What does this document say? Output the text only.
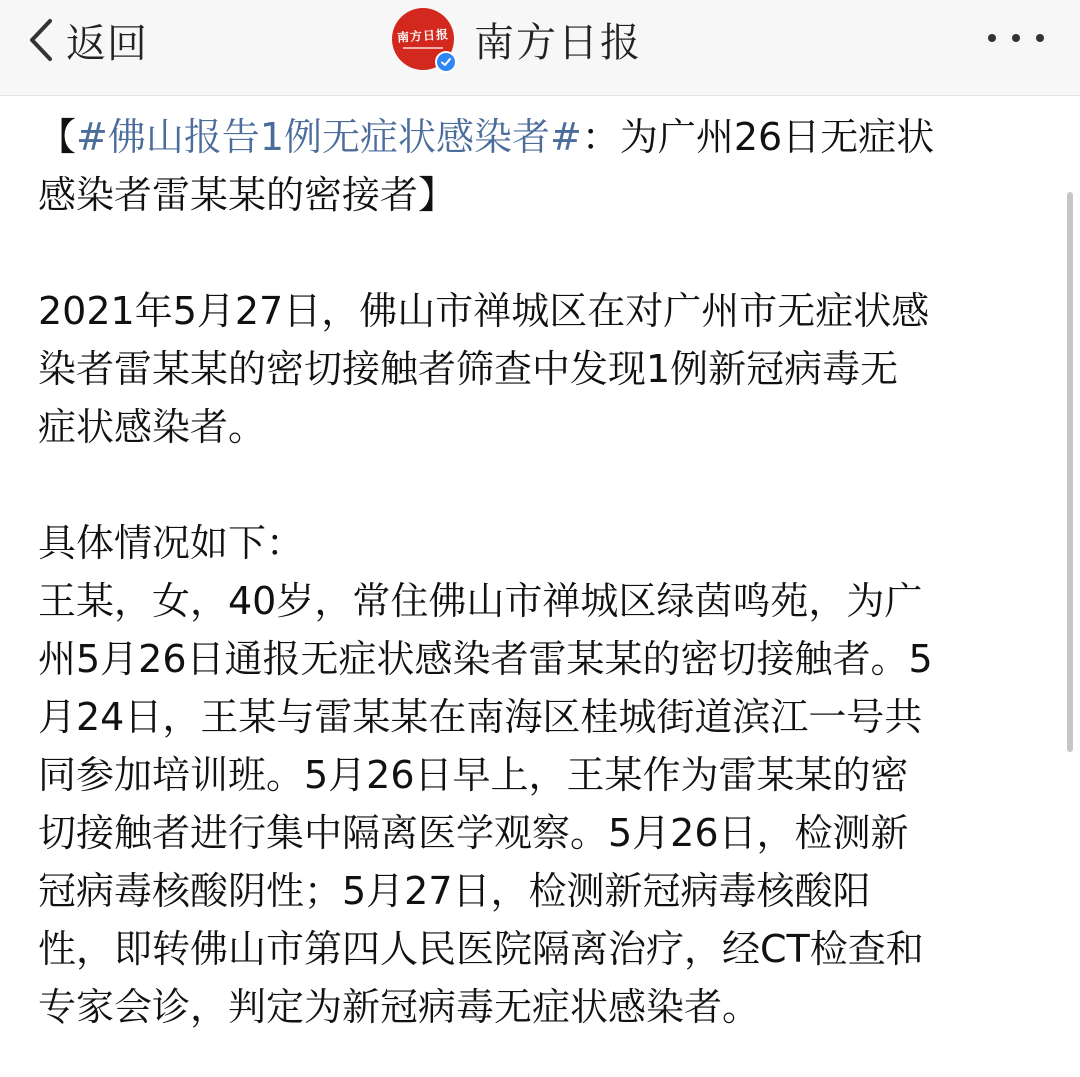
返回	南方日报 南方日报
【#佛山报告1例无症状感染者#：为广州26日无症状
感染者雷某某的密接者】
2021年5月27日，佛山市禅城区在对广州市无症状感
染者雷某某的密切接触者筛查中发现1例新冠病毒无
症状感染者。
具体情况如下：
王某，女，40岁，常住佛山市禅城区绿茵鸣苑，为广
州5月26日通报无症状感染者雷某某的密切接触者。5
月24日，王某与雷某某在南海区桂城街道滨江一号共
同参加培训班。5月26日早上，王某作为雷某某的密
切接触者进行集中隔离医学观察。5月26日，检测新
冠病毒核酸阴性；5月27日，检测新冠病毒核酸阳
性，即转佛山市第四人民医院隔离治疗，经CT检查和
专家会诊，判定为新冠病毒无症状感染者。
